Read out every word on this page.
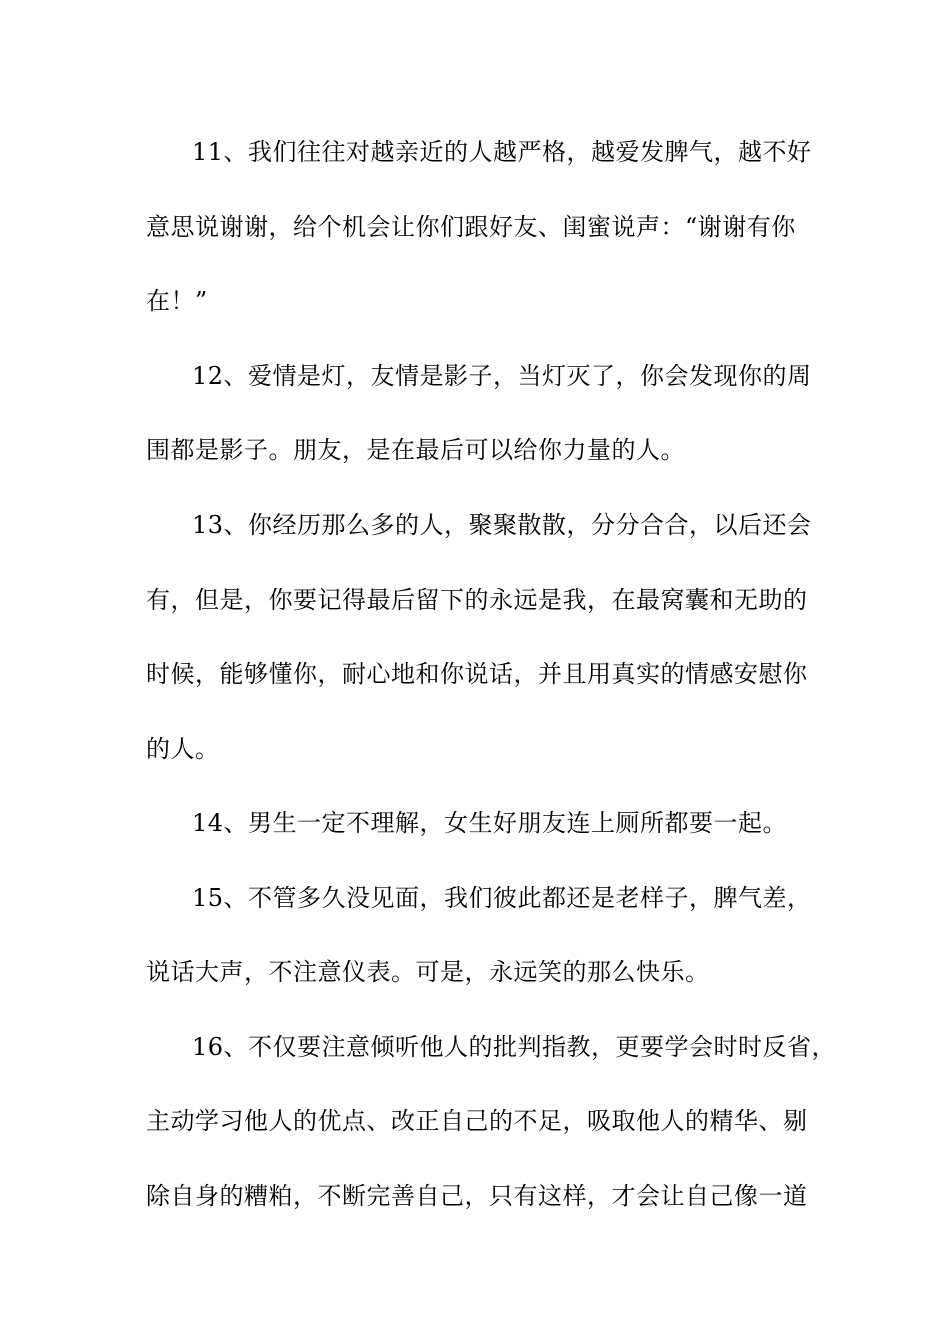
11、我们往往对越亲近的人越严格，越爱发脾气，越不好

意思说谢谢，给个机会让你们跟好友、闺蜜说声：“谢谢有你

在！”

12、爱情是灯，友情是影子，当灯灭了，你会发现你的周

围都是影子。朋友，是在最后可以给你力量的人。

13、你经历那么多的人，聚聚散散，分分合合，以后还会

有，但是，你要记得最后留下的永远是我，在最窝囊和无助的

时候，能够懂你，耐心地和你说话，并且用真实的情感安慰你

的人。

14、男生一定不理解，女生好朋友连上厕所都要一起。

15、不管多久没见面，我们彼此都还是老样子，脾气差，

说话大声，不注意仪表。可是，永远笑的那么快乐。

16、不仅要注意倾听他人的批判指教，更要学会时时反省，

主动学习他人的优点、改正自己的不足，吸取他人的精华、剔

除自身的糟粕，不断完善自己，只有这样，才会让自己像一道
